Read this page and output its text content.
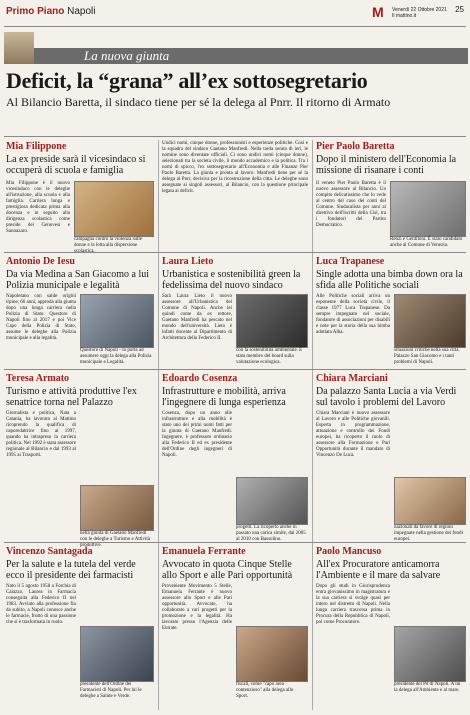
Primo Piano Napoli	M Venerdì 22 Ottobre 2021
Il mattino.it
25
La nuova giunta
Deficit, la “grana” all’ex sottosegretario
Al Bilancio Baretta, il sindaco tiene per sé la delega al Pnrr. Il ritorno di Armato
Mia Filippone
La ex preside sarà il vicesindaco si occuperà di scuola e famiglia
Mia Filippone è il nuovo vicesindaco con le deleghe all'istruzione, alla scuola e alla famiglia. Carriera lunga e prestigiosa dedicata prima alla docenza e in seguito alla dirigenza scolastica come preside dei Genovesi e Sannazaro.
campagna contro la violenza sulle donne e la lotta alla dispersione
Undici nomi, cinque donne, professionisti e esperienze politiche. Cosi e la squadra del sindaco Gaetano Manfredi. Nella tarda serata di ieri, le nomine sono diventate ufficiali. Ci sono undici nomi (cinque donne), selezionati tra la societa civile, il mondo accademico e la politica. Tra i nomi di spicco, l'ex sottosegretario all'Economia e alle Finanze Pier Paolo Baretta. La giunta e pronta al lavoro. Manfredi tiene per sé la delega al Pnrr, decisiva per la ricostruzione della citta. Le deleghe sono assegnate ai singoli assessori, al Bilancio, con la questione principale legata ai deficit.
Pier Paolo Baretta
Dopo il ministero dell'Economia la missione di risanare i conti
Il veneto Pier Paolo Baretta è il nuovo assessore al Bilancio. Un compito delicatissimo che lo vede al centro del caso dei conti del Comune. Sindacalista per anni al direttivo dell'Iscritti della Cisl, tra i fondatori del Partito Democratico.
Renzi e Gentiloni. È stato candidato anche al Comune di Venezia.
Antonio De Iesu
Da via Medina a San Giacomo a lui Polizia municipale e legalità
Napoletano con salde origini irpine, 66 anni, approda alla giunta dopo una lunga carriera nella Polizia di Stato. Questore di Napoli fino al 2017 e poi Vice Capo della Polizia di Stato, assume le deleghe alla Polizia municipale e alla legalità.
Questore di Napoli - lo porta ad assumere oggi la delega alla Polizia municipale e Legalità.
Laura Lieto
Urbanistica e sostenibilità green la fedelissima del nuovo sindaco
Sarà Laura Lieto il nuovo assessore all'Urbanistica del Comune di Napoli. Anche lei quindi come da ex rettore, Gaetano Manfredi ha pescato nel mondo dell'università. Lieto è infatti docente al Dipartimento di Architettura della Federico II.
con la sostenibilità ambientale. È stata membro del board sulla valutazione ecologica.
Luca Trapanese
Single adotta una bimba down ora la sfida alle Politiche sociali
Alle Politiche sociali arriva un esponente della società civile, il classe 1977 Luca Trapanese. Da sempre impegnato nel sociale, fondatore di associazioni per disabili e note per la storia della sua bimba adottata Alba.
situazioni critiche nella sua città. Palazzo San Giacomo e i tanti problemi di Napoli.
Teresa Armato
Turismo e attività produttive l'ex senatrice torna nel Palazzo
Giornalista e politica, Nata a Catania, ha lavorato al Mattino ricoprendo la qualifica di caporedattrice fino al 1997, quando ha intrapreso la carriera politica. Nel 1992 è stata assessore regionale al Bilancio e dal 1993 al 1995 ai Trasporti.
nella giunta di Gaetano Manfredi con le deleghe a Turismo e Attività produttive.
Edoardo Cosenza
Infrastrutture e mobilità, arriva l'ingegnere di lunga esperienza
Cosenza, dopo un anno alle infrastrutture e alla mobilità è stato uno dei primi nomi fatti per la giunta di Gaetano Manfredi. Ingegnere, è professore ordinario alla Federico II ed ex presidente dell'Ordine degli ingegneri di Napoli.
progetti. La ricoperto anche in passato una carica simile, dal 2005 al 2010 con Bassolino.
Chiara Marciani
Da palazzo Santa Lucia a via Verdi sul tavolo i problemi del Lavoro
Chiara Marciani è nuovo assessore al Lavoro e alle Politiche giovanili. Esperta in programmazione, attuazione e controllo dei Fondi europei, ha ricoperto il ruolo di assessore alla Formazione e Pari Opportunità durante il mandato di Vincenzo De Luca.
nazionali da favore di regioni impegnate nella gestione dei fondi europei.
Vincenzo Santagada
Per la salute e la tutela del verde ecco il presidente dei farmacisti
Nato il 5 agosto 1958 a Forchia di Caiazzo, Laurea in Farmacia conseguita alla Federico II nel 1983. Avviato alla professione fin da subito, a Napoli conosce anche le farmacie, frutto di una passione che si è trasformata in ruolo.
presidente dell'Ordine dei Farmacisti di Napoli. Per lui le deleghe a Salute e Verde.
Emanuela Ferrante
Avvocato in quota Cinque Stelle allo Sport e alle Pari opportunità
Proveniente Movimento 5 Stelle, Emanuela Ferrante è nuovo assessore allo Sport e alle Pari opportunità. Avvocato, ha collaborato a vari progetti per la promozione e la legalità. Ha lavorato presso l'Agenzia delle Entrate.
fiscali, come "capo area contenzioso" alla delega allo Sport.
Paolo Mancuso
All'ex Procuratore anticamorra l'Ambiente e il mare da salvare
Dopo gli studi in Giurisprudenza entra giovanissimo in magistratura e la sua carriera si svolge quasi per intero nel distretto di Napoli. Nella lunga carriera trascorsa prima in Procura della Repubblica di Napoli, poi come Procuratore.
presidente del Pd di Napoli. A lui la delega all'Ambiente e al mare.
